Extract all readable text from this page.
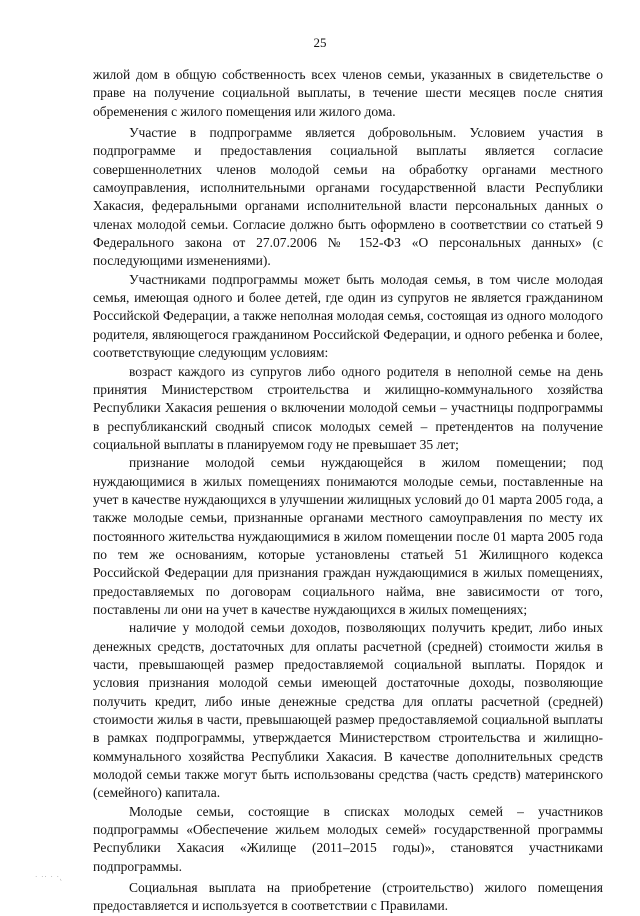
25

жилой дом в общую собственность всех членов семьи, указанных в свидетельстве о праве на получение социальной выплаты, в течение шести месяцев после снятия обременения с жилого помещения или жилого дома.

Участие в подпрограмме является добровольным. Условием участия в подпрограмме и предоставления социальной выплаты является согласие совершеннолетних членов молодой семьи на обработку органами местного самоуправления, исполнительными органами государственной власти Республики Хакасия, федеральными органами исполнительной власти персональных данных о членах молодой семьи. Согласие должно быть оформлено в соответствии со статьей 9 Федерального закона от 27.07.2006 № 152-ФЗ «О персональных данных» (с последующими изменениями).

Участниками подпрограммы может быть молодая семья, в том числе молодая семья, имеющая одного и более детей, где один из супругов не является гражданином Российской Федерации, а также неполная молодая семья, состоящая из одного молодого родителя, являющегося гражданином Российской Федерации, и одного ребенка и более, соответствующие следующим условиям:

возраст каждого из супругов либо одного родителя в неполной семье на день принятия Министерством строительства и жилищно-коммунального хозяйства Республики Хакасия решения о включении молодой семьи – участницы подпрограммы в республиканский сводный список молодых семей – претендентов на получение социальной выплаты в планируемом году не превышает 35 лет;

признание молодой семьи нуждающейся в жилом помещении; под нуждающимися в жилых помещениях понимаются молодые семьи, поставленные на учет в качестве нуждающихся в улучшении жилищных условий до 01 марта 2005 года, а также молодые семьи, признанные органами местного самоуправления по месту их постоянного жительства нуждающимися в жилом помещении после 01 марта 2005 года по тем же основаниям, которые установлены статьей 51 Жилищного кодекса Российской Федерации для признания граждан нуждающимися в жилых помещениях, предоставляемых по договорам социального найма, вне зависимости от того, поставлены ли они на учет в качестве нуждающихся в жилых помещениях;

наличие у молодой семьи доходов, позволяющих получить кредит, либо иных денежных средств, достаточных для оплаты расчетной (средней) стоимости жилья в части, превышающей размер предоставляемой социальной выплаты. Порядок и условия признания молодой семьи имеющей достаточные доходы, позволяющие получить кредит, либо иные денежные средства для оплаты расчетной (средней) стоимости жилья в части, превышающей размер предоставляемой социальной выплаты в рамках подпрограммы, утверждается Министерством строительства и жилищно-коммунального хозяйства Республики Хакасия. В качестве дополнительных средств молодой семьи также могут быть использованы средства (часть средств) материнского (семейного) капитала.

Молодые семьи, состоящие в списках молодых семей – участников подпрограммы «Обеспечение жильем молодых семей» государственной программы Республики Хакасия «Жилище (2011–2015 годы)», становятся участниками подпрограммы.

Социальная выплата на приобретение (строительство) жилого помещения предоставляется и используется в соответствии с Правилами.

· ·· · ·˛
